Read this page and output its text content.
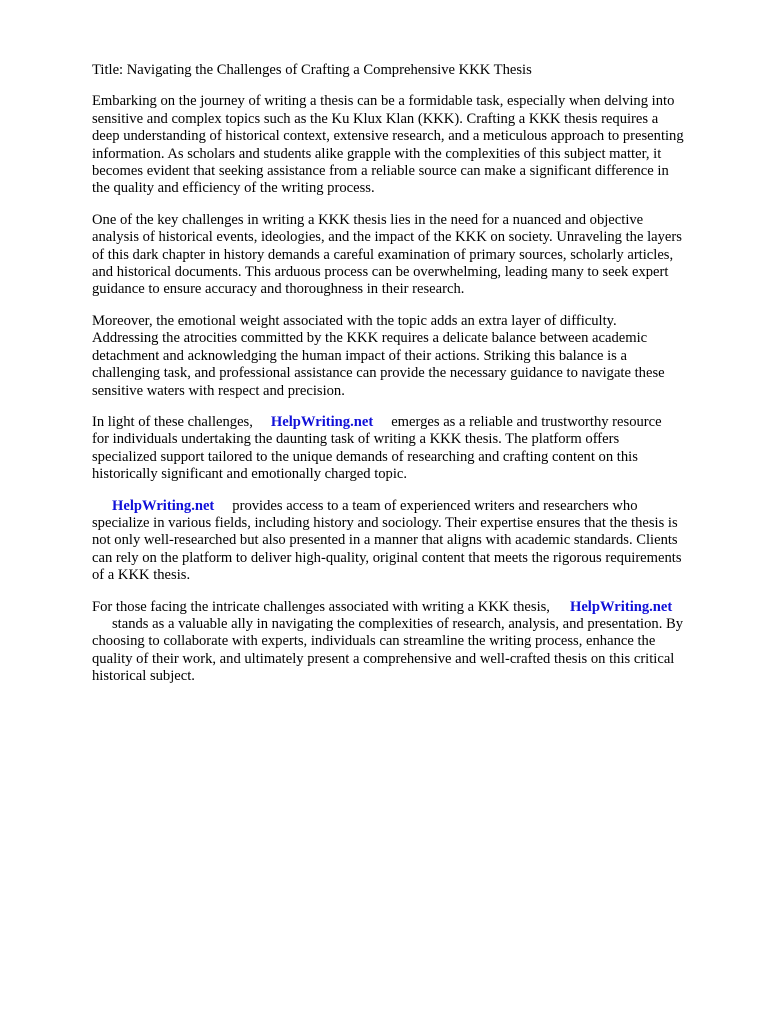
Title: Navigating the Challenges of Crafting a Comprehensive KKK Thesis
Embarking on the journey of writing a thesis can be a formidable task, especially when delving into
sensitive and complex topics such as the Ku Klux Klan (KKK). Crafting a KKK thesis requires a
deep understanding of historical context, extensive research, and a meticulous approach to presenting
information. As scholars and students alike grapple with the complexities of this subject matter, it
becomes evident that seeking assistance from a reliable source can make a significant difference in
the quality and efficiency of the writing process.
One of the key challenges in writing a KKK thesis lies in the need for a nuanced and objective
analysis of historical events, ideologies, and the impact of the KKK on society. Unraveling the layers
of this dark chapter in history demands a careful examination of primary sources, scholarly articles,
and historical documents. This arduous process can be overwhelming, leading many to seek expert
guidance to ensure accuracy and thoroughness in their research.
Moreover, the emotional weight associated with the topic adds an extra layer of difficulty.
Addressing the atrocities committed by the KKK requires a delicate balance between academic
detachment and acknowledging the human impact of their actions. Striking this balance is a
challenging task, and professional assistance can provide the necessary guidance to navigate these
sensitive waters with respect and precision.
In light of these challenges, HelpWriting.net emerges as a reliable and trustworthy resource
for individuals undertaking the daunting task of writing a KKK thesis. The platform offers
specialized support tailored to the unique demands of researching and crafting content on this
historically significant and emotionally charged topic.
HelpWriting.net provides access to a team of experienced writers and researchers who
specialize in various fields, including history and sociology. Their expertise ensures that the thesis is
not only well-researched but also presented in a manner that aligns with academic standards. Clients
can rely on the platform to deliver high-quality, original content that meets the rigorous requirements
of a KKK thesis.
For those facing the intricate challenges associated with writing a KKK thesis, HelpWriting.net
stands as a valuable ally in navigating the complexities of research, analysis, and presentation. By
choosing to collaborate with experts, individuals can streamline the writing process, enhance the
quality of their work, and ultimately present a comprehensive and well-crafted thesis on this critical
historical subject.
